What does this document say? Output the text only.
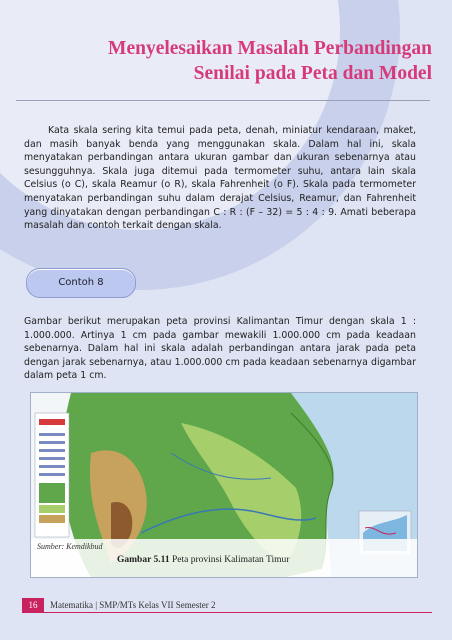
Menyelesaikan Masalah Perbandingan
Senilai pada Peta dan Model

Kata skala sering kita temui pada peta, denah, miniatur kendaraan, maket, dan masih banyak benda yang menggunakan skala. Dalam hal ini, skala menyatakan perbandingan antara ukuran gambar dan ukuran sebenarnya atau sesungguhnya. Skala juga ditemui pada termometer suhu, antara lain skala Celsius (o C), skala Reamur (o R), skala Fahrenheit (o F). Skala pada termometer menyatakan perbandingan suhu dalam derajat Celsius, Reamur, dan Fahrenheit yang dinyatakan dengan perbandingan C : R : (F – 32) = 5 : 4 : 9. Amati beberapa masalah dan contoh terkait dengan skala.

Contoh 8

Gambar berikut merupakan peta provinsi Kalimantan Timur dengan skala 1 : 1.000.000. Artinya 1 cm pada gambar mewakili 1.000.000 cm pada keadaan sebenarnya. Dalam hal ini skala adalah perbandingan antara jarak pada peta dengan jarak sebenarnya, atau 1.000.000 cm pada keadaan sebenarnya digambar dalam peta 1 cm.

Sumber: Kemdikbud
Gambar 5.11 Peta provinsi Kalimatan Timur
16	Matematika | SMP/MTs Kelas VII Semester 2
